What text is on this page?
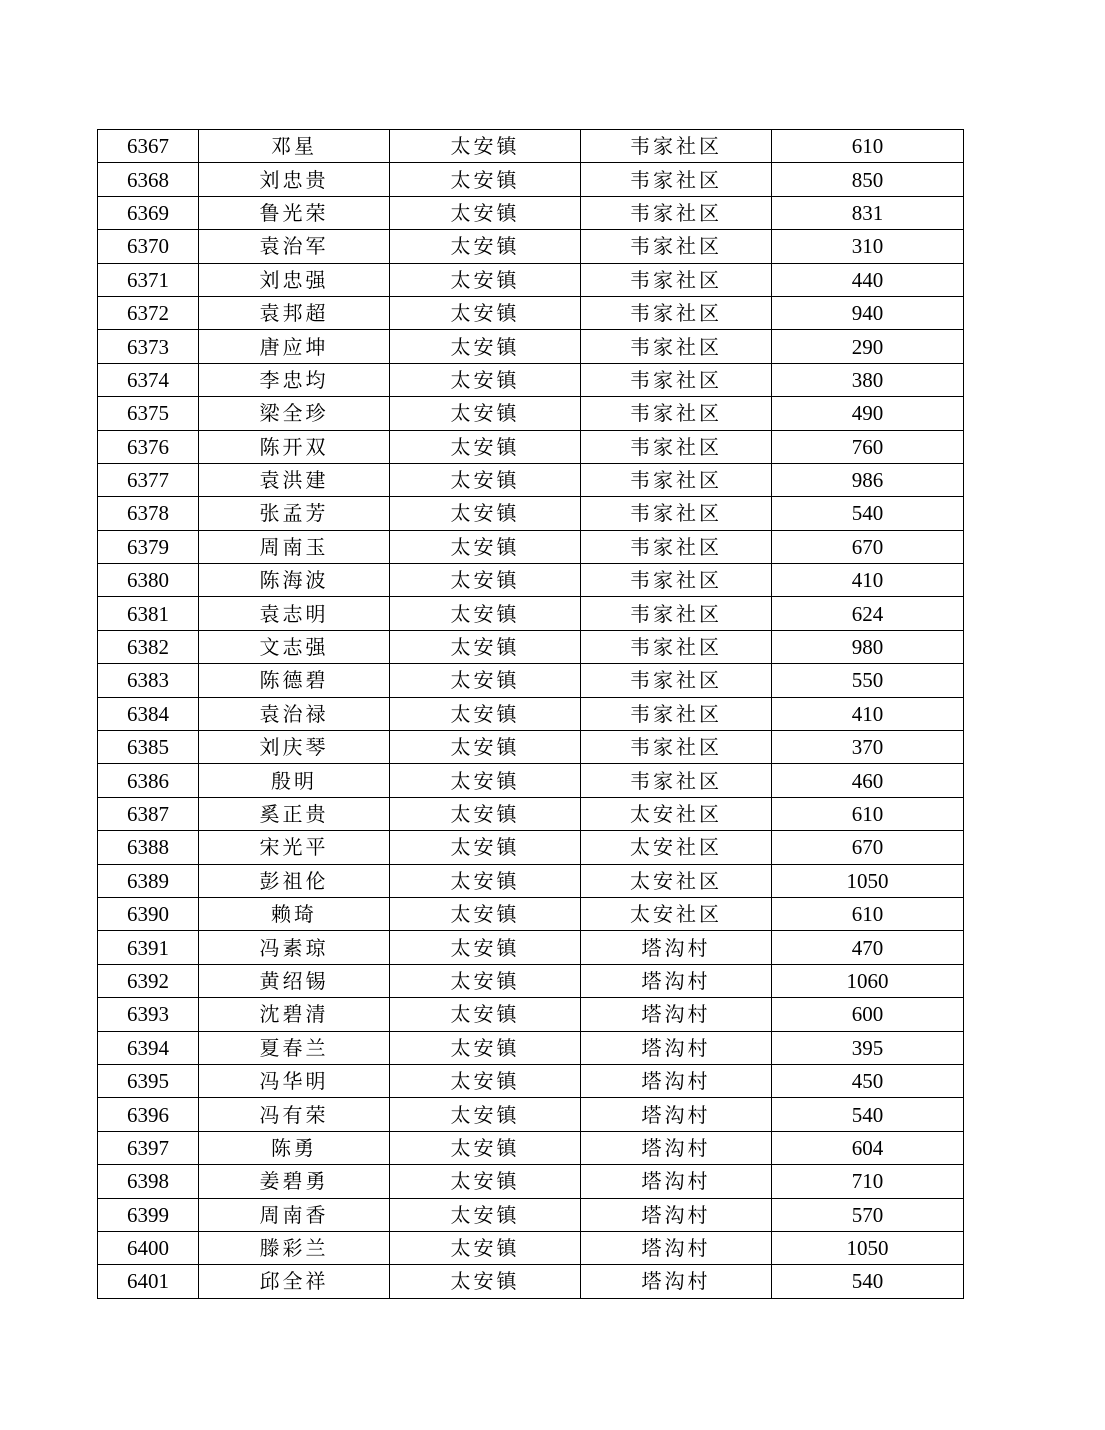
6367	邓星	太安镇	韦家社区	610
6368	刘忠贵	太安镇	韦家社区	850
6369	鲁光荣	太安镇	韦家社区	831
6370	袁治军	太安镇	韦家社区	310
6371	刘忠强	太安镇	韦家社区	440
6372	袁邦超	太安镇	韦家社区	940
6373	唐应坤	太安镇	韦家社区	290
6374	李忠均	太安镇	韦家社区	380
6375	梁全珍	太安镇	韦家社区	490
6376	陈开双	太安镇	韦家社区	760
6377	袁洪建	太安镇	韦家社区	986
6378	张孟芳	太安镇	韦家社区	540
6379	周南玉	太安镇	韦家社区	670
6380	陈海波	太安镇	韦家社区	410
6381	袁志明	太安镇	韦家社区	624
6382	文志强	太安镇	韦家社区	980
6383	陈德碧	太安镇	韦家社区	550
6384	袁治禄	太安镇	韦家社区	410
6385	刘庆琴	太安镇	韦家社区	370
6386	殷明	太安镇	韦家社区	460
6387	奚正贵	太安镇	太安社区	610
6388	宋光平	太安镇	太安社区	670
6389	彭祖伦	太安镇	太安社区	1050
6390	赖琦	太安镇	太安社区	610
6391	冯素琼	太安镇	塔沟村	470
6392	黄绍锡	太安镇	塔沟村	1060
6393	沈碧清	太安镇	塔沟村	600
6394	夏春兰	太安镇	塔沟村	395
6395	冯华明	太安镇	塔沟村	450
6396	冯有荣	太安镇	塔沟村	540
6397	陈勇	太安镇	塔沟村	604
6398	姜碧勇	太安镇	塔沟村	710
6399	周南香	太安镇	塔沟村	570
6400	滕彩兰	太安镇	塔沟村	1050
6401	邱全祥	太安镇	塔沟村	540
